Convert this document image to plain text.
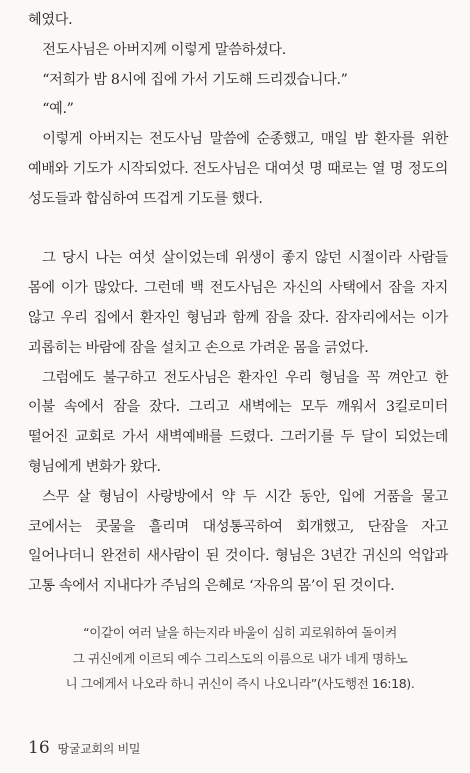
혜였다.

전도사님은 아버지께 이렇게 말씀하셨다.

“저희가 밤 8시에 집에 가서 기도해 드리겠습니다.”

“예.”

이렇게 아버지는 전도사님 말씀에 순종했고, 매일 밤 환자를 위한 예배와 기도가 시작되었다. 전도사님은 대여섯 명 때로는 열 명 정도의 성도들과 합심하여 뜨겁게 기도를 했다.

그 당시 나는 여섯 살이었는데 위생이 좋지 않던 시절이라 사람들 몸에 이가 많았다. 그런데 백 전도사님은 자신의 사택에서 잠을 자지 않고 우리 집에서 환자인 형님과 함께 잠을 잤다. 잠자리에서는 이가 괴롭히는 바람에 잠을 설치고 손으로 가려운 몸을 긁었다.

그럼에도 불구하고 전도사님은 환자인 우리 형님을 꼭 껴안고 한 이불 속에서 잠을 잤다. 그리고 새벽에는 모두 깨워서 3킬로미터 떨어진 교회로 가서 새벽예배를 드렸다. 그러기를 두 달이 되었는데 형님에게 변화가 왔다.

스무 살 형님이 사랑방에서 약 두 시간 동안, 입에 거품을 물고 코에서는 콧물을 흘리며 대성통곡하여 회개했고, 단잠을 자고 일어나더니 완전히 새사람이 된 것이다. 형님은 3년간 귀신의 억압과 고통 속에서 지내다가 주님의 은혜로 ‘자유의 몸’이 된 것이다.

“이같이 여러 날을 하는지라 바울이 심히 괴로워하여 돌이켜
그 귀신에게 이르되 예수 그리스도의 이름으로 내가 네게 명하노
니 그에게서 나오라 하니 귀신이 즉시 나오니라”(사도행전 16:18).
16 땅굴교회의 비밀
